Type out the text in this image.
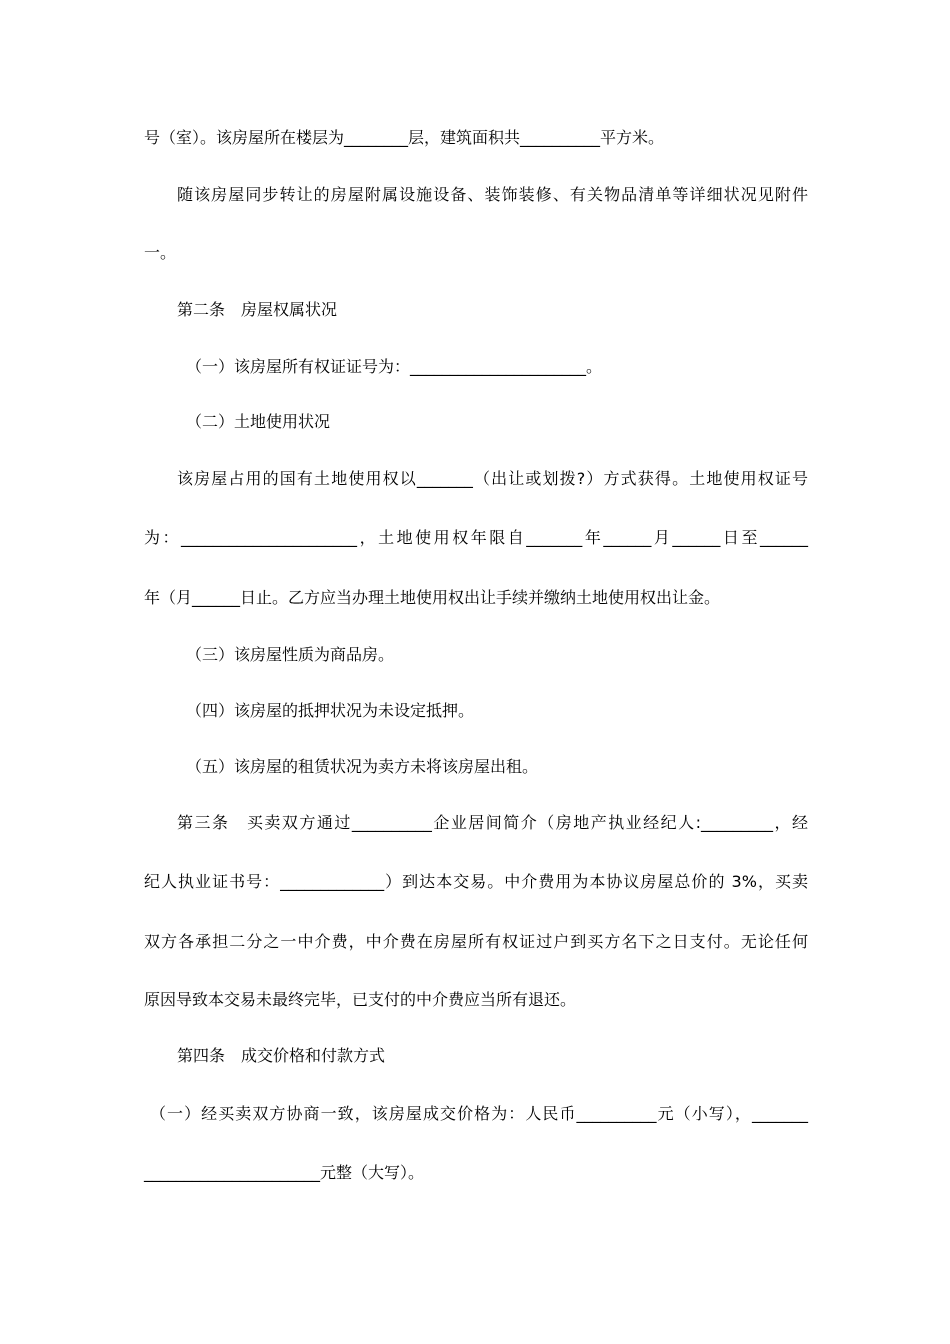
号（室）。该房屋所在楼层为________层，建筑面积共__________平方米。
随该房屋同步转让的房屋附属设施设备、装饰装修、有关物品清单等详细状况见附件
一。
第二条　房屋权属状况
（一）该房屋所有权证证号为：______________________。
（二）土地使用状况
该房屋占用的国有土地使用权以_______（出让或划拨?）方式获得。土地使用权证号
为：______________________，土地使用权年限自_______年______月______日至______
年（月______日止。乙方应当办理土地使用权出让手续并缴纳土地使用权出让金。
（三）该房屋性质为商品房。
（四）该房屋的抵押状况为未设定抵押。
（五）该房屋的租赁状况为卖方未将该房屋出租。
第三条　买卖双方通过__________企业居间简介（房地产执业经纪人:_________，经
纪人执业证书号：_____________）到达本交易。中介费用为本协议房屋总价的 3%，买卖
双方各承担二分之一中介费，中介费在房屋所有权证过户到买方名下之日支付。无论任何
原因导致本交易未最终完毕，已支付的中介费应当所有退还。
第四条　成交价格和付款方式
（一）经买卖双方协商一致，该房屋成交价格为：人民币__________元（小写），_______
______________________元整（大写）。
